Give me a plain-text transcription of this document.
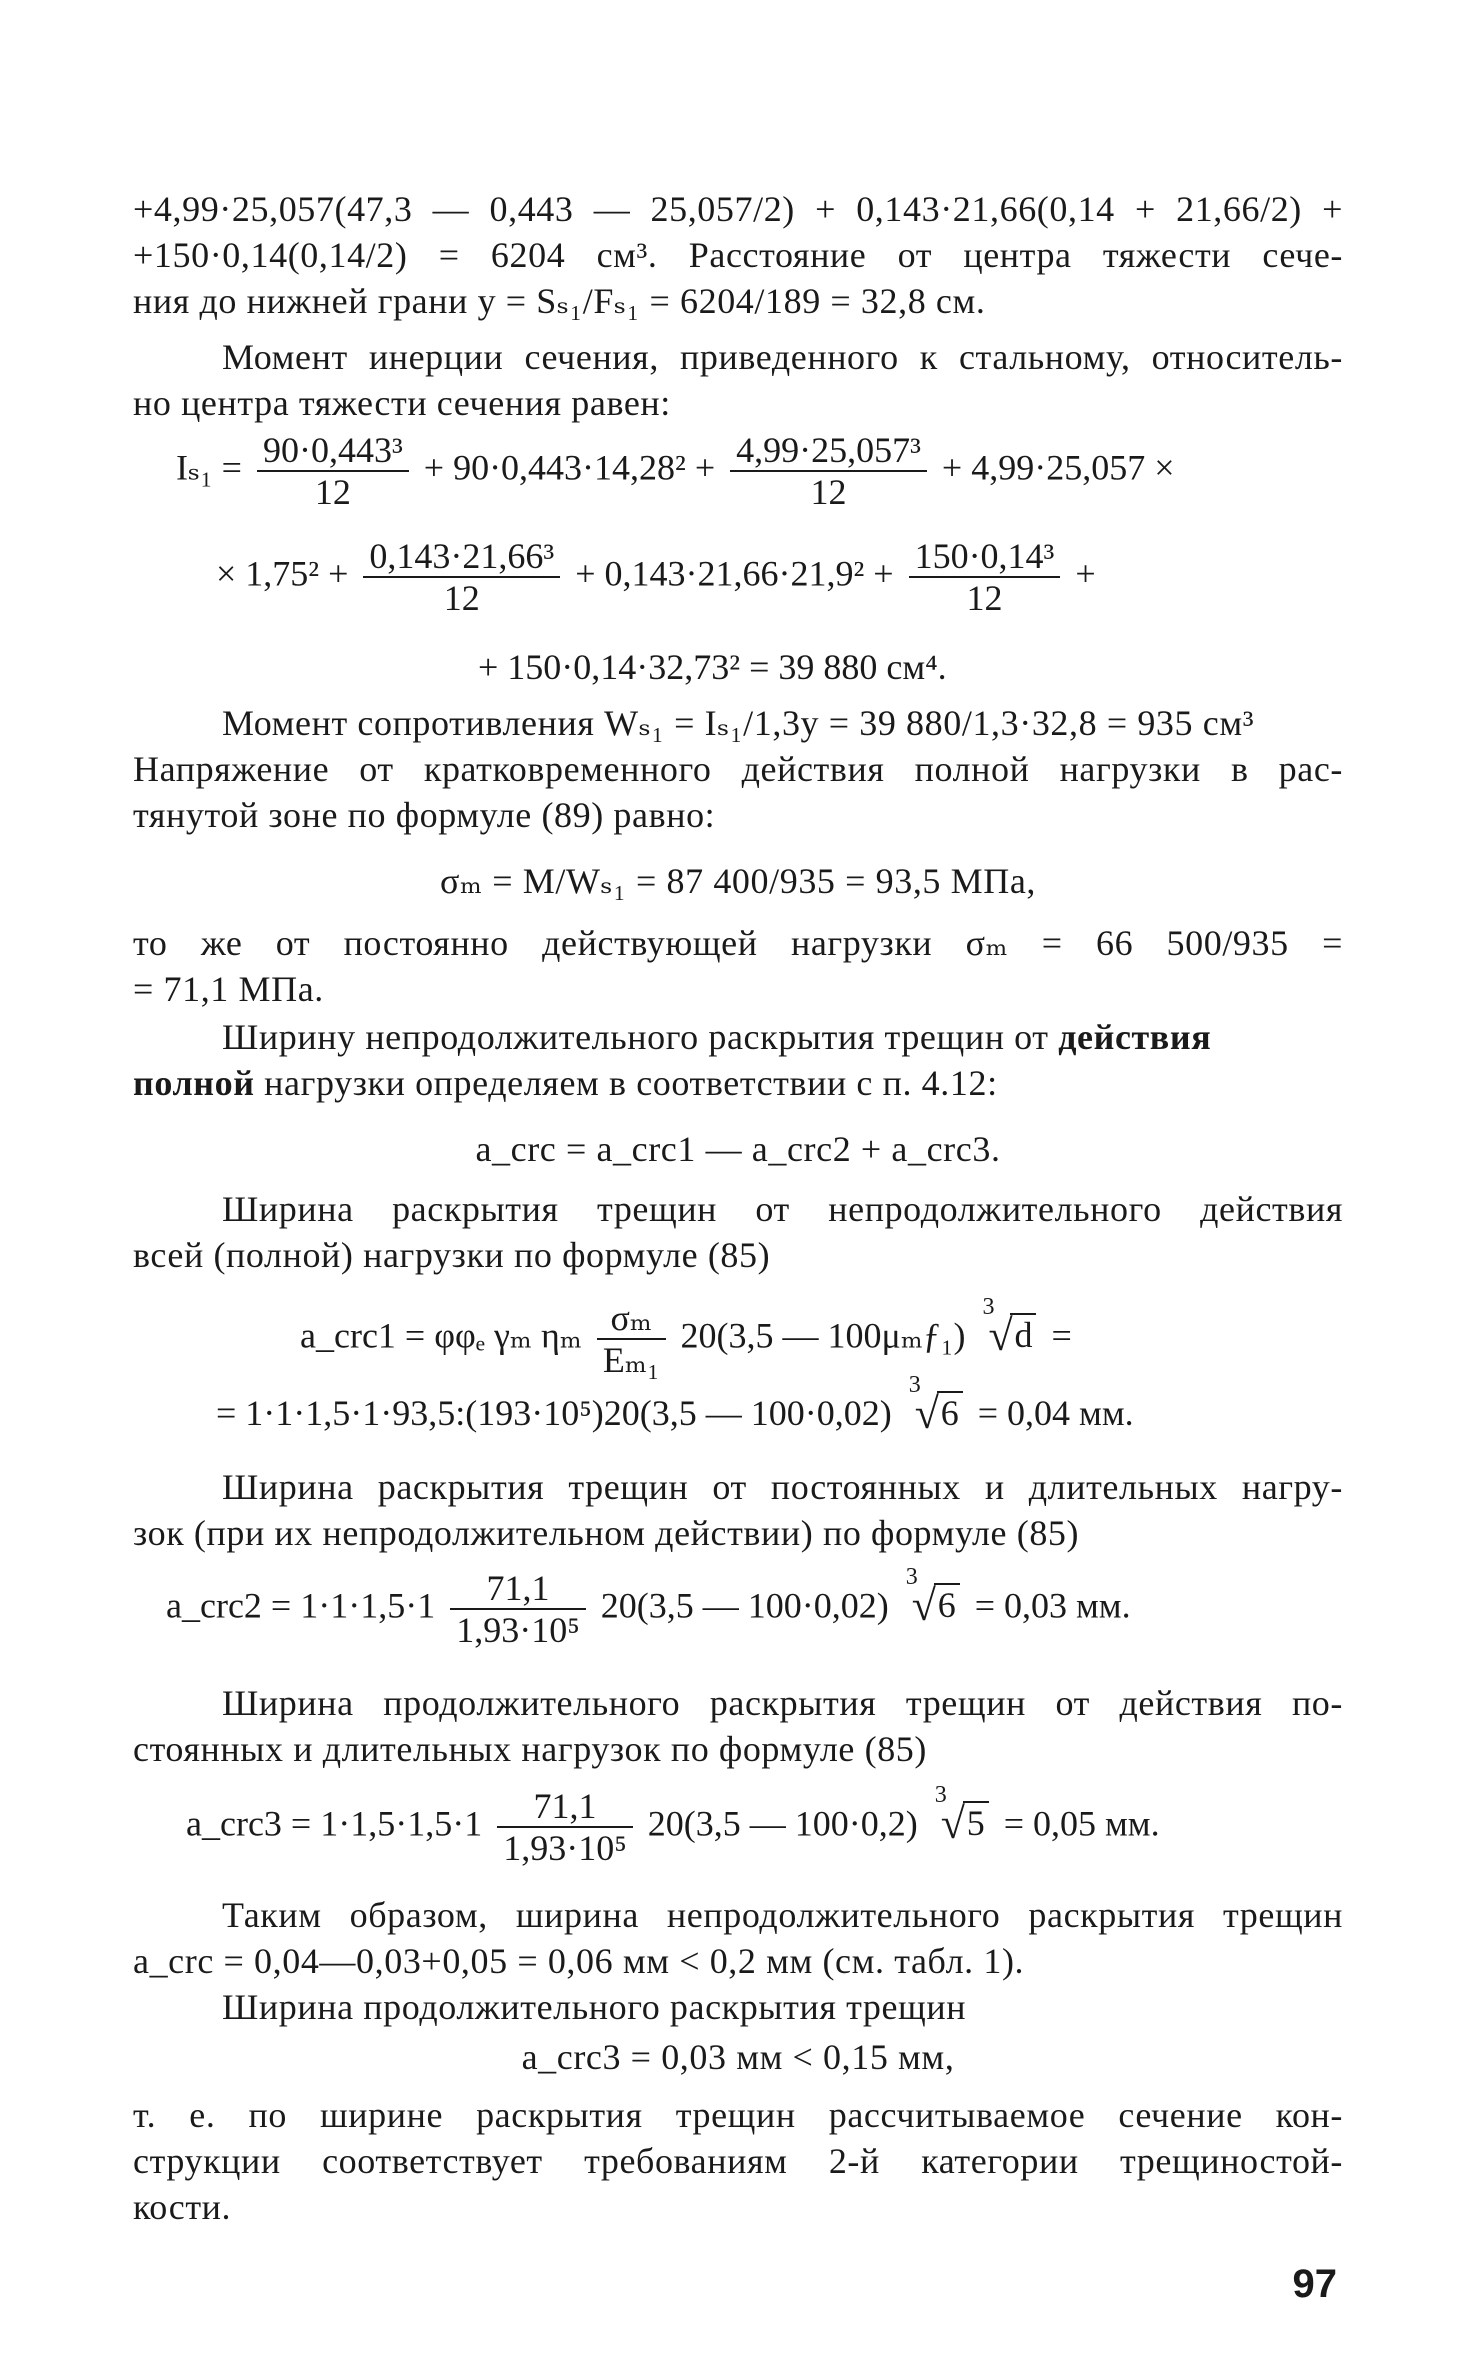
+4,99·25,057(47,3 — 0,443 — 25,057/2) + 0,143·21,66(0,14 + 21,66/2) +
+150·0,14(0,14/2) = 6204 см³. Расстояние от центра тяжести сече-
ния до нижней грани y = Sₛ₁/Fₛ₁ = 6204/189 = 32,8 см.
Момент инерции сечения, приведенного к стальному, относитель-
но центра тяжести сечения равен:
$I_{s1} = \frac{\text{90·0,443³}}{12} + 90\cdot 0,443\cdot 14,28^2 + \frac{\text{4,99·25,057³}}{12} + 4,99\cdot 25,057$ ×
× $1,75^2 + \frac{\text{0,143·21,66³}}{12} + 0,143\cdot 21,66\cdot 21,9^2 + \frac{\text{150·0,14³}}{12}$ +
+ 150·0,14·32,73² = 39 880 см⁴.
Момент сопротивления Wₛ₁ = Iₛ₁/1,3y = 39 880/1,3·32,8 = 935 см³
Напряжение от кратковременного действия полной нагрузки в рас-
тянутой зоне по формуле (89) равно:
σₘ = M/Wₛ₁ = 87 400/935 = 93,5 МПа,
то же от постоянно действующей нагрузки σₘ = 66 500/935 =
= 71,1 МПа.
Ширину непродолжительного раскрытия трещин от действия
полной нагрузки определяем в соответствии с п. 4.12:
a_crc = a_crc1 — a_crc2 + a_crc3.
Ширина раскрытия трещин от непродолжительного действия
всей (полной) нагрузки по формуле (85)
a_crc1 = φφₑ γₘ ηₘ $\frac{\text{σₘ}}{\text{Eₘ₁}} 20(3,5$ — 100μₘƒ₁)
3
√ d =
= 1·1·1,5·1·93,5:(193·10⁵)20(3,5 — 100·0,02)
3
√ 6 = 0,04 мм.
Ширина раскрытия трещин от постоянных и длительных нагру-
зок (при их непродолжительном действии) по формуле (85)
a_crc2 = $1\cdot 1\cdot 1,5\cdot 1 \frac{71,1}{\text{1,93·10⁵}} 20(3,5$ — 100·0,02)
3
√ 6 = 0,03 мм.
Ширина продолжительного раскрытия трещин от действия по-
стоянных и длительных нагрузок по формуле (85)
a_crc3 = $1\cdot 1,5\cdot 1,5\cdot 1 \frac{71,1}{\text{1,93·10⁵}} 20(3,5$ — 100·0,2)
3
√ 5 = 0,05 мм.
Таким образом, ширина непродолжительного раскрытия трещин
a_crc = 0,04—0,03+0,05 = 0,06 мм < 0,2 мм (см. табл. 1).
Ширина продолжительного раскрытия трещин
a_crc3 = 0,03 мм < 0,15 мм,
т. е. по ширине раскрытия трещин рассчитываемое сечение кон-
струкции соответствует требованиям 2-й категории трещиностой-
кости.
97
